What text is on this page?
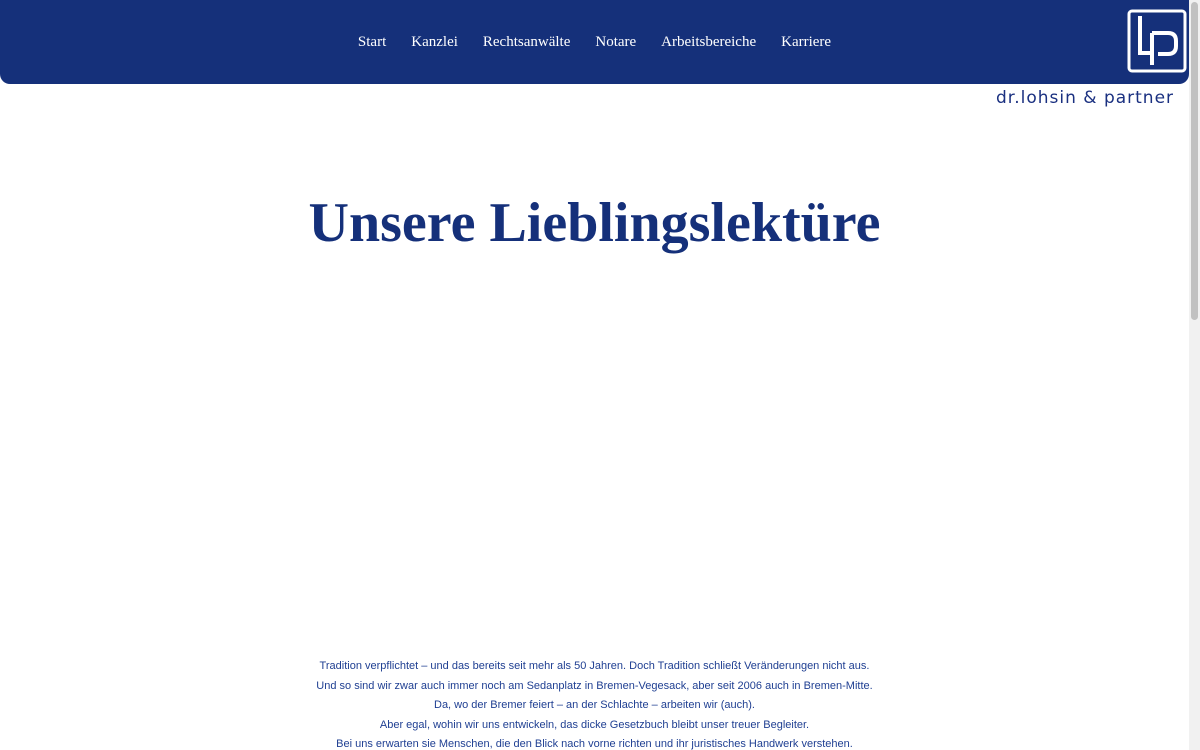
Start Kanzlei Rechtsanwälte Notare Arbeitsbereiche Karriere
dr.lohsin & partner
Unsere Lieblingslektüre

Tradition verpflichtet – und das bereits seit mehr als 50 Jahren. Doch Tradition schließt Veränderungen nicht aus.

Und so sind wir zwar auch immer noch am Sedanplatz in Bremen-Vegesack, aber seit 2006 auch in Bremen-Mitte.

Da, wo der Bremer feiert – an der Schlachte – arbeiten wir (auch).

Aber egal, wohin wir uns entwickeln, das dicke Gesetzbuch bleibt unser treuer Begleiter.

Bei uns erwarten sie Menschen, die den Blick nach vorne richten und ihr juristisches Handwerk verstehen.
